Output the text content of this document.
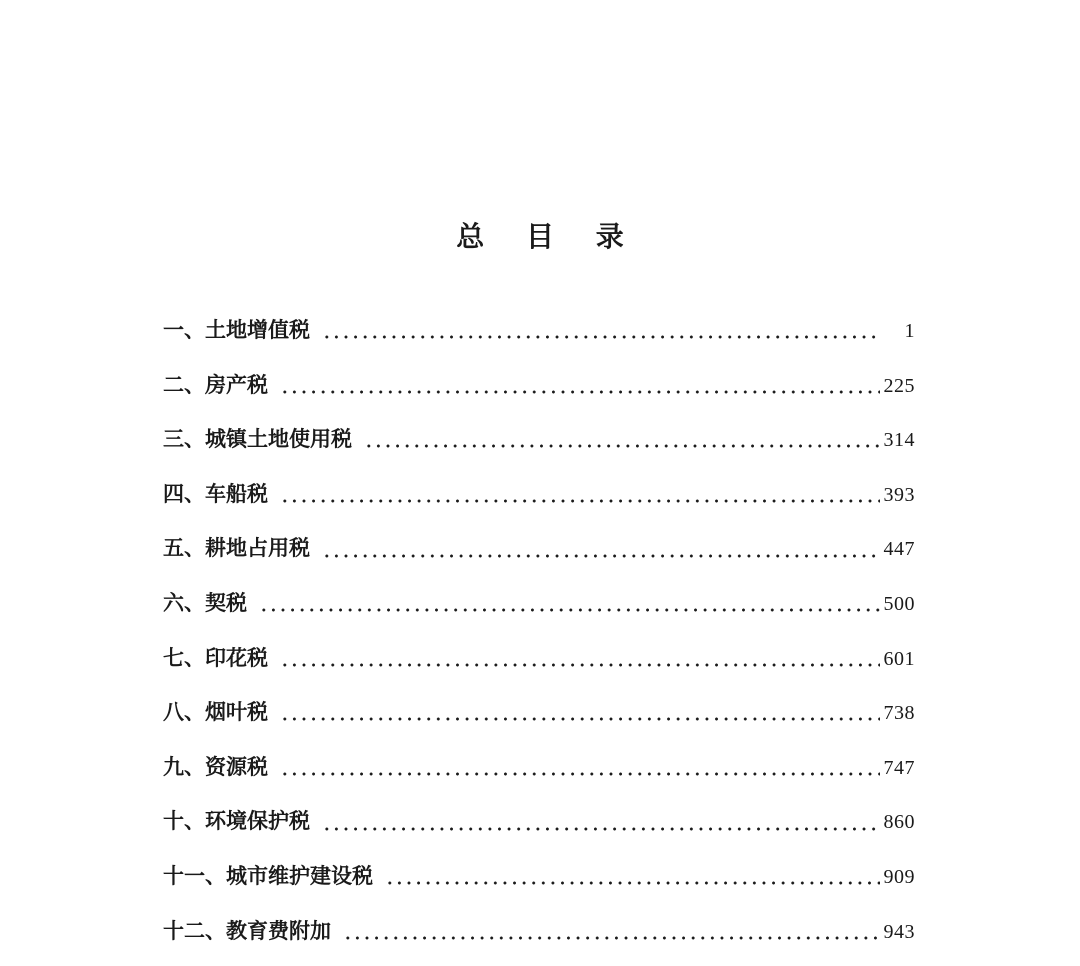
总 目 录
一、土地增值税	1
二、房产税	225
三、城镇土地使用税	314
四、车船税	393
五、耕地占用税	447
六、契税	500
七、印花税	601
八、烟叶税	738
九、资源税	747
十、环境保护税	860
十一、城市维护建设税	909
十二、教育费附加	943
